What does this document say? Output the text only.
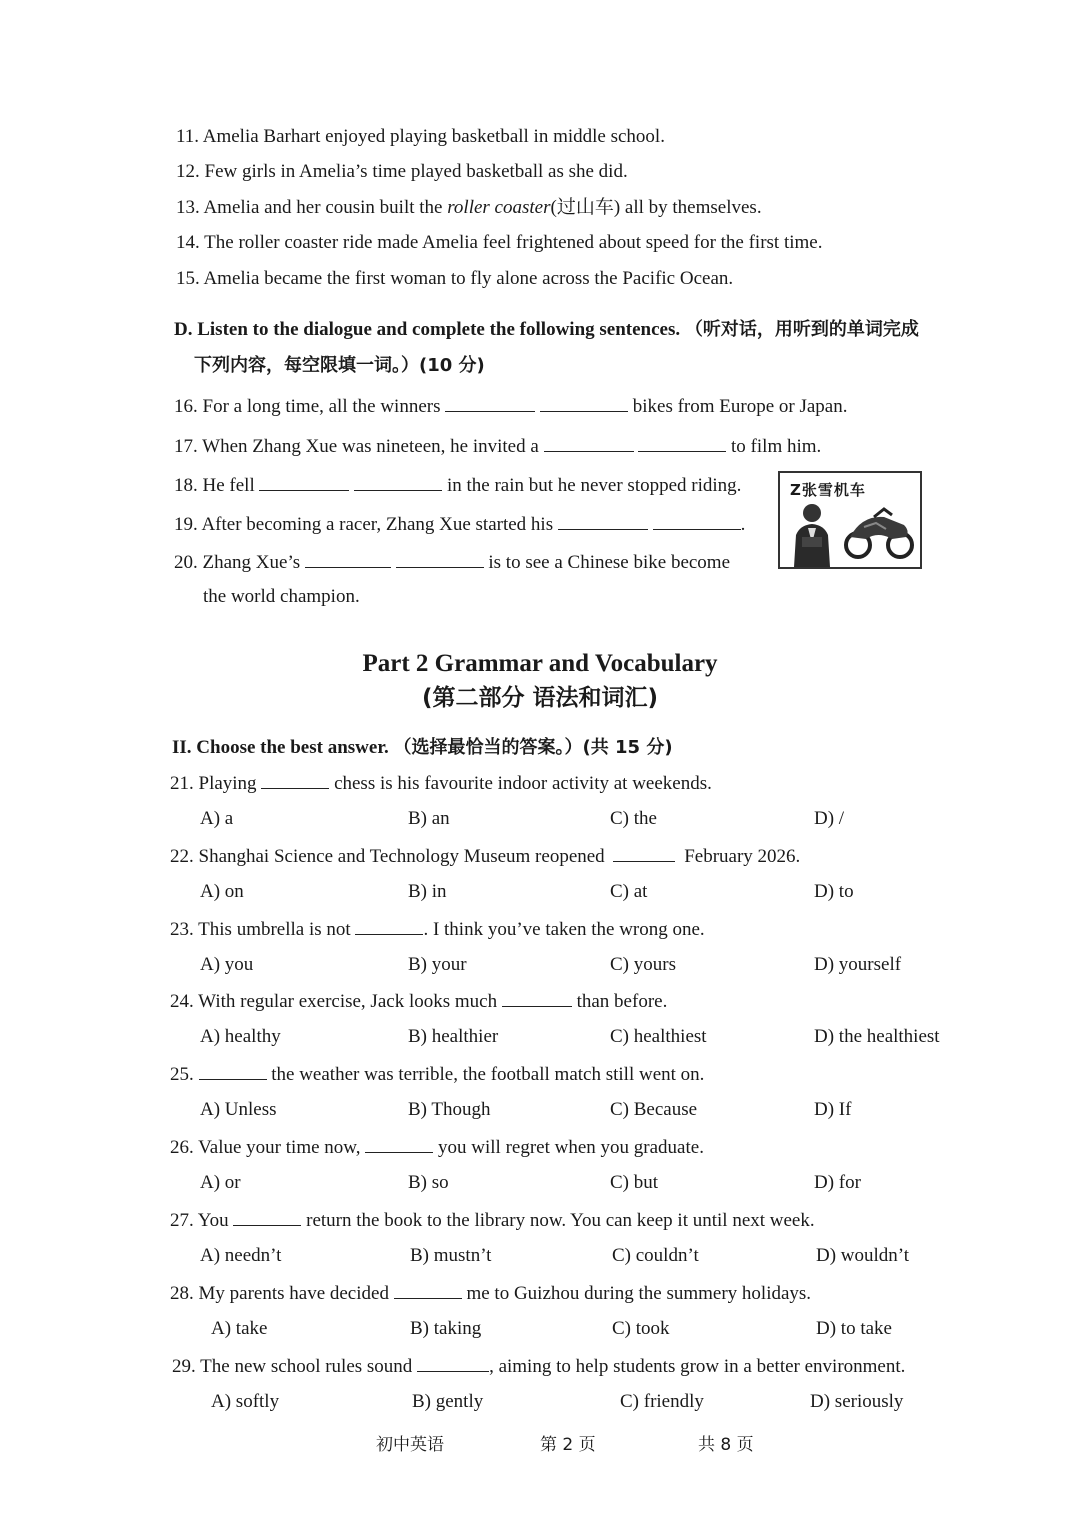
11. Amelia Barhart enjoyed playing basketball in middle school.
12. Few girls in Amelia’s time played basketball as she did.
13. Amelia and her cousin built the roller coaster(过山车) all by themselves.
14. The roller coaster ride made Amelia feel frightened about speed for the first time.
15. Amelia became the first woman to fly alone across the Pacific Ocean.
D. Listen to the dialogue and complete the following sentences. （听对话，用听到的单词完成
下列内容，每空限填一词。）(10 分)
16. For a long time, all the winners	bikes from Europe or Japan.
17. When Zhang Xue was nineteen, he invited a	to film him.
18. He fell	in the rain but he never stopped riding.
19. After becoming a racer, Zhang Xue started his	.
20. Zhang Xue’s	is to see a Chinese bike become
the world champion.
Z张雪机车
Part 2 Grammar and Vocabulary
(第二部分 语法和词汇)
II. Choose the best answer. （选择最恰当的答案。）(共 15 分)
21. Playing	chess is his favourite indoor activity at weekends.
A) a	B) an	C) the	D) /
22. Shanghai Science and Technology Museum reopened	February 2026.
A) on	B) in	C) at	D) to
23. This umbrella is not	. I think you’ve taken the wrong one.
A) you	B) your	C) yours	D) yourself
24. With regular exercise, Jack looks much	than before.
A) healthy	B) healthier	C) healthiest	D) the healthiest
25.	the weather was terrible, the football match still went on.
A) Unless	B) Though	C) Because	D) If
26. Value your time now,	you will regret when you graduate.
A) or	B) so	C) but	D) for
27. You	return the book to the library now. You can keep it until next week.
A) needn’t	B) mustn’t	C) couldn’t	D) wouldn’t
28. My parents have decided	me to Guizhou during the summery holidays.
A) take	B) taking	C) took	D) to take
29. The new school rules sound	, aiming to help students grow in a better environment.
A) softly	B) gently	C) friendly	D) seriously
初中英语	第 2 页	共 8 页
